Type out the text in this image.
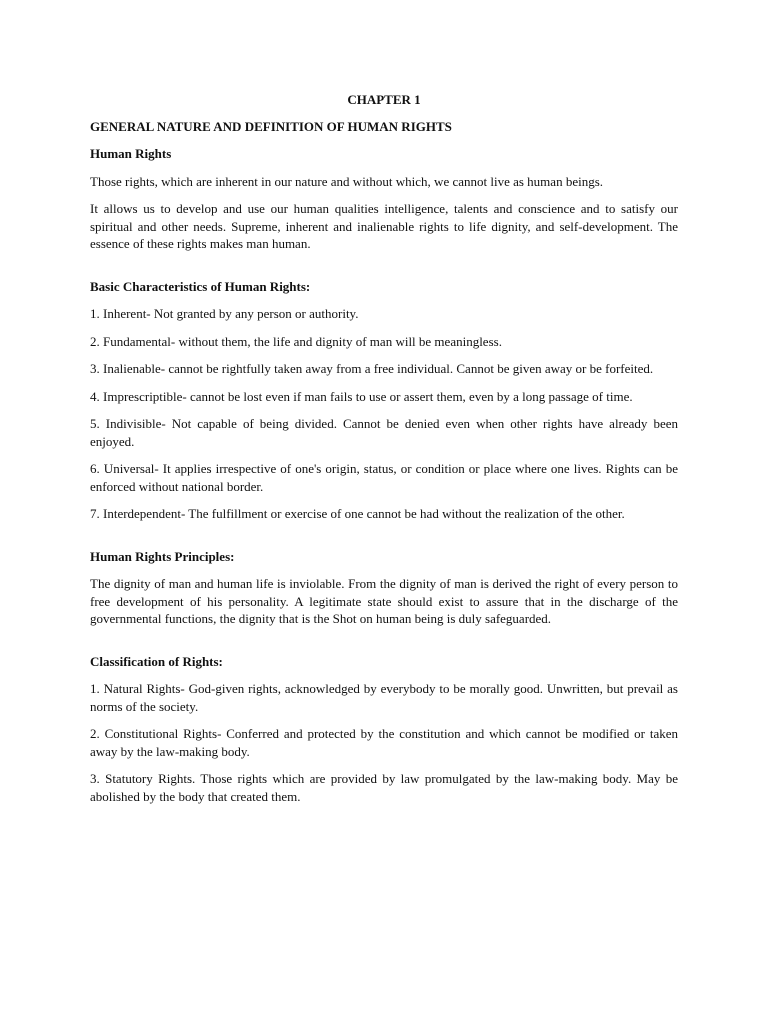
CHAPTER 1
GENERAL NATURE AND DEFINITION OF HUMAN RIGHTS
Human Rights

Those rights, which are inherent in our nature and without which, we cannot live as human beings.

It allows us to develop and use our human qualities intelligence, talents and conscience and to satisfy our spiritual and other needs. Supreme, inherent and inalienable rights to life dignity, and self-development. The essence of these rights makes man human.

Basic Characteristics of Human Rights:

1. Inherent- Not granted by any person or authority.

2. Fundamental- without them, the life and dignity of man will be meaningless.

3. Inalienable- cannot be rightfully taken away from a free individual. Cannot be given away or be forfeited.

4. Imprescriptible- cannot be lost even if man fails to use or assert them, even by a long passage of time.

5. Indivisible- Not capable of being divided. Cannot be denied even when other rights have already been enjoyed.

6. Universal- It applies irrespective of one's origin, status, or condition or place where one lives. Rights can be enforced without national border.

7. Interdependent- The fulfillment or exercise of one cannot be had without the realization of the other.

Human Rights Principles:

The dignity of man and human life is inviolable. From the dignity of man is derived the right of every person to free development of his personality. A legitimate state should exist to assure that in the discharge of the governmental functions, the dignity that is the Shot on human being is duly safeguarded.

Classification of Rights:

1. Natural Rights- God-given rights, acknowledged by everybody to be morally good. Unwritten, but prevail as norms of the society.

2. Constitutional Rights- Conferred and protected by the constitution and which cannot be modified or taken away by the law-making body.

3. Statutory Rights. Those rights which are provided by law promulgated by the law-making body. May be abolished by the body that created them.
